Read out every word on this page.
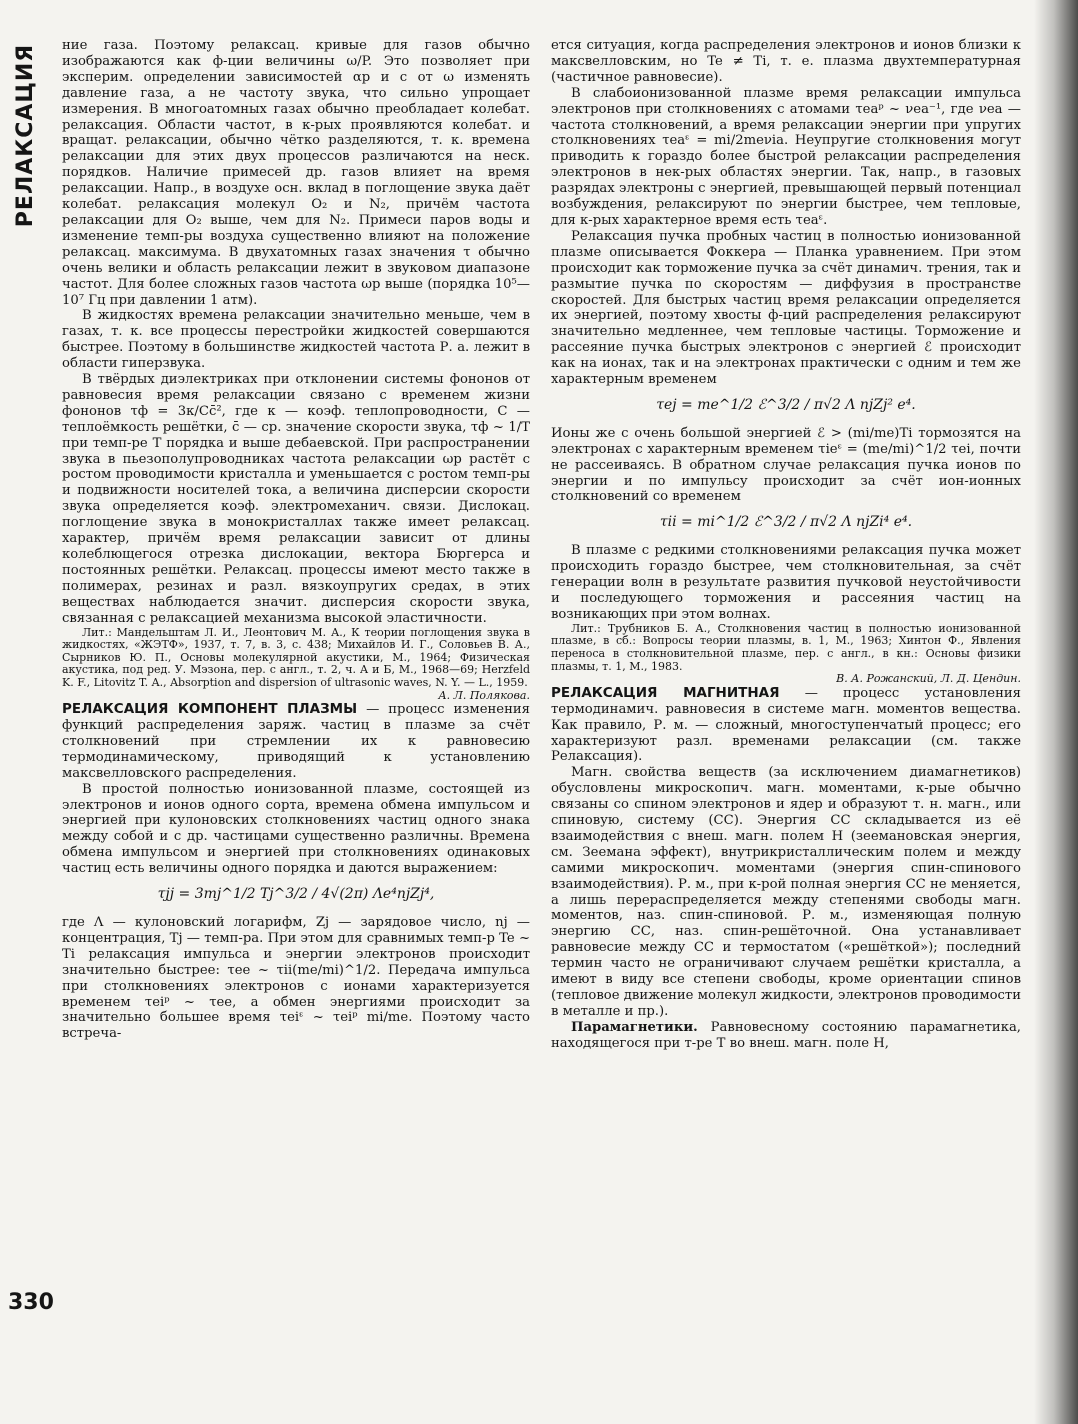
РЕЛАКСАЦИЯ
330

ние газа. Поэтому релаксац. кривые для газов обычно изображаются как ф-ции величины ω/P. Это позволяет при эксперим. определении зависимостей αр и c от ω изменять давление газа, а не частоту звука, что сильно упрощает измерения. В многоатомных газах обычно преобладает колебат. релаксация. Области частот, в к-рых проявляются колебат. и вращат. релаксации, обычно чётко разделяются, т. к. времена релаксации для этих двух процессов различаются на неск. порядков. Наличие примесей др. газов влияет на время релаксации. Напр., в воздухе осн. вклад в поглощение звука даёт колебат. релаксация молекул O₂ и N₂, причём частота релаксации для O₂ выше, чем для N₂. Примеси паров воды и изменение темп-ры воздуха существенно влияют на положение релаксац. максимума. В двухатомных газах значения τ обычно очень велики и область релаксации лежит в звуковом диапазоне частот. Для более сложных газов частота ωр выше (порядка 10⁵—10⁷ Гц при давлении 1 атм).

В жидкостях времена релаксации значительно меньше, чем в газах, т. к. все процессы перестройки жидкостей совершаются быстрее. Поэтому в большинстве жидкостей частота Р. а. лежит в области гиперзвука.

В твёрдых диэлектриках при отклонении системы фононов от равновесия время релаксации связано с временем жизни фононов τф = 3κ/Cc̄², где κ — коэф. теплопроводности, C — теплоёмкость решётки, c̄ — ср. значение скорости звука, τф ~ 1/T при темп-ре T порядка и выше дебаевской. При распространении звука в пьезополупроводниках частота релаксации ωр растёт с ростом проводимости кристалла и уменьшается с ростом темп-ры и подвижности носителей тока, а величина дисперсии скорости звука определяется коэф. электромеханич. связи. Дислокац. поглощение звука в монокристаллах также имеет релаксац. характер, причём время релаксации зависит от длины колеблющегося отрезка дислокации, вектора Бюргерса и постоянных решётки. Релаксац. процессы имеют место также в полимерах, резинах и разл. вязкоупругих средах, в этих веществах наблюдается значит. дисперсия скорости звука, связанная с релаксацией механизма высокой эластичности.

Лит.: Мандельштам Л. И., Леонтович М. А., К теории поглощения звука в жидкостях, «ЖЭТФ», 1937, т. 7, в. 3, с. 438; Михайлов И. Г., Соловьев В. А., Сырников Ю. П., Основы молекулярной акустики, М., 1964; Физическая акустика, под ред. У. Мэзона, пер. с англ., т. 2, ч. А и Б, М., 1968—69; Herzfeld K. F., Litovitz T. A., Absorption and dispersion of ultrasonic waves, N. Y. — L., 1959.

А. Л. Полякова.

РЕЛАКСАЦИЯ КОМПОНЕНТ ПЛАЗМЫ — процесс изменения функций распределения заряж. частиц в плазме за счёт столкновений при стремлении их к равновесию термодинамическому, приводящий к установлению максвелловского распределения.

В простой полностью ионизованной плазме, состоящей из электронов и ионов одного сорта, времена обмена импульсом и энергией при кулоновских столкновениях частиц одного знака между собой и с др. частицами существенно различны. Времена обмена импульсом и энергией при столкновениях одинаковых частиц есть величины одного порядка и даются выражением:

τjj = 3mj^1/2 Tj^3/2 / 4√(2π) Λe⁴njZj⁴,

где Λ — кулоновский логарифм, Zj — зарядовое число, nj — концентрация, Tj — темп-ра. При этом для сравнимых темп-р Te ~ Ti релаксация импульса и энергии электронов происходит значительно быстрее: τee ~ τii(me/mi)^1/2. Передача импульса при столкновениях электронов с ионами характеризуется временем τeiᵖ ~ τee, а обмен энергиями происходит за значительно большее время τeiᵋ ~ τeiᵖ mi/me. Поэтому часто встреча-

ется ситуация, когда распределения электронов и ионов близки к максвелловским, но Te ≠ Ti, т. е. плазма двухтемпературная (частичное равновесие).

В слабоионизованной плазме время релаксации импульса электронов при столкновениях с атомами τeaᵖ ~ νea⁻¹, где νea — частота столкновений, а время релаксации энергии при упругих столкновениях τeaᵋ = mi/2meνia. Неупругие столкновения могут приводить к гораздо более быстрой релаксации распределения электронов в нек-рых областях энергии. Так, напр., в газовых разрядах электроны с энергией, превышающей первый потенциал возбуждения, релаксируют по энергии быстрее, чем тепловые, для к-рых характерное время есть τeaᵋ.

Релаксация пучка пробных частиц в полностью ионизованной плазме описывается Фоккера — Планка уравнением. При этом происходит как торможение пучка за счёт динамич. трения, так и размытие пучка по скоростям — диффузия в пространстве скоростей. Для быстрых частиц время релаксации определяется их энергией, поэтому хвосты ф-ций распределения релаксируют значительно медленнее, чем тепловые частицы. Торможение и рассеяние пучка быстрых электронов с энергией ℰ происходит как на ионах, так и на электронах практически с одним и тем же характерным временем

τej = me^1/2 ℰ^3/2 / π√2 Λ njZj² e⁴.

Ионы же с очень большой энергией ℰ > (mi/me)Ti тормозятся на электронах с характерным временем τieᵋ = (me/mi)^1/2 τei, почти не рассеиваясь. В обратном случае релаксация пучка ионов по энергии и по импульсу происходит за счёт ион-ионных столкновений со временем

τii = mi^1/2 ℰ^3/2 / π√2 Λ njZi⁴ e⁴.

В плазме с редкими столкновениями релаксация пучка может происходить гораздо быстрее, чем столкновительная, за счёт генерации волн в результате развития пучковой неустойчивости и последующего торможения и рассеяния частиц на возникающих при этом волнах.

Лит.: Трубников Б. А., Столкновения частиц в полностью ионизованной плазме, в сб.: Вопросы теории плазмы, в. 1, М., 1963; Хинтон Ф., Явления переноса в столкновительной плазме, пер. с англ., в кн.: Основы физики плазмы, т. 1, М., 1983.

В. А. Рожанский, Л. Д. Цендин.

РЕЛАКСАЦИЯ МАГНИТНАЯ — процесс установления термодинамич. равновесия в системе магн. моментов вещества. Как правило, Р. м. — сложный, многоступенчатый процесс; его характеризуют разл. временами релаксации (см. также Релаксация).

Магн. свойства веществ (за исключением диамагнетиков) обусловлены микроскопич. магн. моментами, к-рые обычно связаны со спином электронов и ядер и образуют т. н. магн., или спиновую, систему (СС). Энергия СС складывается из её взаимодействия с внеш. магн. полем H (зеемановская энергия, см. Зеемана эффект), внутрикристаллическим полем и между самими микроскопич. моментами (энергия спин-спинового взаимодействия). Р. м., при к-рой полная энергия СС не меняется, а лишь перераспределяется между степенями свободы магн. моментов, наз. спин-спиновой. Р. м., изменяющая полную энергию СС, наз. спин-решёточной. Она устанавливает равновесие между СС и термостатом («решёткой»); последний термин часто не ограничивают случаем решётки кристалла, а имеют в виду все степени свободы, кроме ориентации спинов (тепловое движение молекул жидкости, электронов проводимости в металле и пр.).

Парамагнетики. Равновесному состоянию парамагнетика, находящегося при т-ре T во внеш. магн. поле H,
